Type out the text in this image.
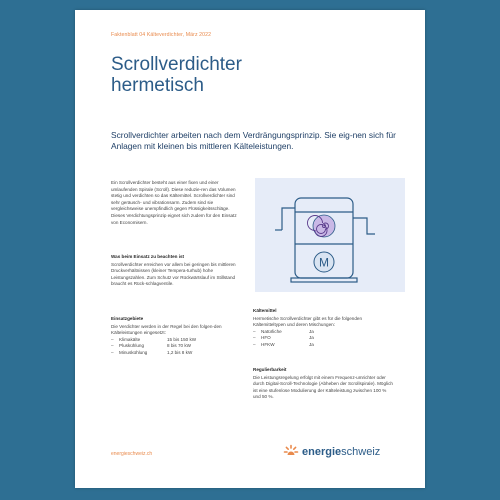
Faktenblatt 04 Kälteverdichter, März 2022
Scrollverdichter
hermetisch

Scrollverdichter arbeiten nach dem Verdrängungsprinzip. Sie eig-nen sich für Anlagen mit kleinen bis mittleren Kälteleistungen.

Ein Scrollverdichter besteht aus einer fixen und einer umlaufenden Spirale (Scroll). Diese reduzie-ren das Volumen stetig und verdichten so das Kältemittel. Scrollverdichter sind sehr geräusch- und vibrationsarm. Zudem sind sie vergleichsweise unempfindlich gegen Flüssigkeitsschläge. Dieses Verdichtungsprinzip eignet sich zudem für den Einsatz von Economisern.
Was beim Einsatz zu beachten ist
Scrollverdichter erreichen vor allem bei geringen bis mittleren Druckverhältnissen (kleiner Tempera-turhub) hohe Leistungszahlen. Zum Schutz vor Rückwärtslauf im Stillstand braucht es Rück-schlagventile.
Einsatzgebiete
Die Verdichter werden in der Regel bei den folgen-den Kälteleistungen eingesetzt:
–	Klimakälte	15 bis 150 kW
–	Pluskühlung	8 bis 70 kW
–	Minuskühlung	1,2 bis 8 kW
M
Kältemittel
Hermetische Scrollverdichter gibt es für die folgenden Kältemitteltypen und deren Mischungen:
–	Natürliche	Ja
–	HFO	Ja
–	HFKW	Ja
Regulierbarkeit
Die Leistungsregelung erfolgt mit einem Frequenz-umrichter oder durch Digital-Scroll-Technologie (Abheben der Scrollspirale). Möglich ist eine stufenlose Modulierung der Kälteleistung zwischen 100 % und 50 %.
energieschweiz.ch	energieschweiz
